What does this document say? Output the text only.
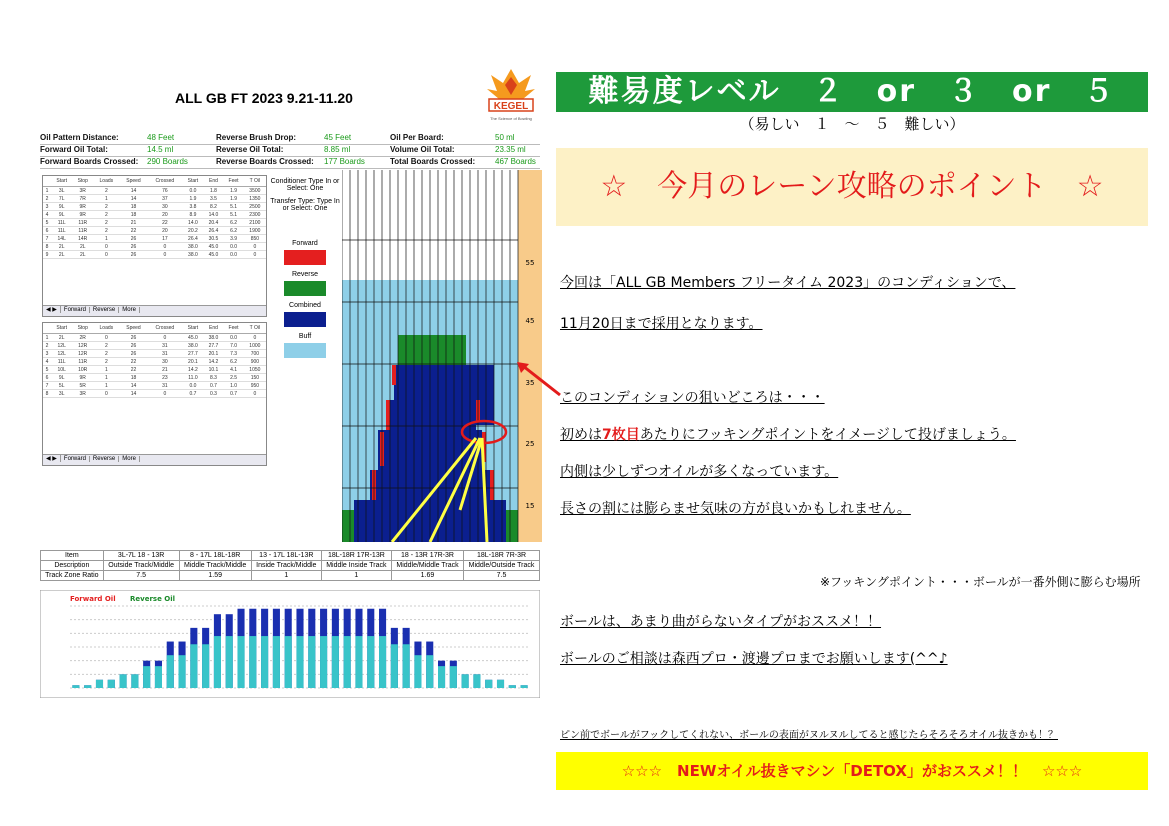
ALL GB FT 2023 9.21-11.20
KEGEL
The Science of Bowling
Oil Pattern Distance:	48 Feet	Reverse Brush Drop:	45 Feet	Oil Per Board:	50 ml
Forward Oil Total:	14.5 ml	Reverse Oil Total:	8.85 ml	Volume Oil Total:	23.35 ml
Forward Boards Crossed: 290 Boards	Reverse Boards Crossed: 177 Boards	Total Boards Crossed: 467 Boards
	Start	Stop	Loads	Speed	Crossed	Start	End	Feet	T Oil
1	3L	3R	2	14	76	0.0	1.8	1.9	3500
2	7L	7R	1	14	37	1.9	3.5	1.9	1350
3	9L	9R	2	18	30	3.8	8.2	5.1	2500
4	9L	9R	2	18	20	8.9	14.0	5.1	2300
5	11L	11R	2	21	22	14.0	20.4	6.2	2100
6	11L	11R	2	22	20	20.2	26.4	6.2	1900
7	14L	14R	1	26	17	26.4	30.5	3.9	850
8	2L	2L	0	26	0	38.0	45.0	0.0	0
9	2L	2L	0	26	0	38.0	45.0	0.0	0
◀ ▶ Forward Reverse More
	Start	Stop	Loads	Speed	Crossed	Start	End	Feet	T Oil
1	2L	2R	0	26	0	45.0	38.0	0.0	0
2	12L	12R	2	26	31	38.0	27.7	7.0	1000
3	12L	12R	2	26	31	27.7	20.1	7.3	700
4	11L	11R	2	22	30	20.1	14.2	6.2	900
5	10L	10R	1	22	21	14.2	10.1	4.1	1050
6	9L	9R	1	18	23	11.0	8.3	2.5	150
7	5L	5R	1	14	31	0.0	0.7	1.0	950
8	3L	3R	0	14	0	0.7	0.3	0.7	0
◀ ▶ Forward Reverse More
Conditioner Type In or Select: One
Transfer Type: Type In or Select: One
Forward
Reverse
Combined
Buff
55
45
35
25
15
Item	3L-7L 18 - 13R	8 - 17L 18L-18R	13 - 17L 18L-13R	18L-18R 17R-13R	18 - 13R 17R-3R	18L-18R 7R-3R
Description	Outside Track/Middle	Middle Track/Middle	Inside Track/Middle	Middle Inside Track	Middle/Middle Track	Middle/Outside Track
Track Zone Ratio	7.5	1.59	1	1	1.69	7.5
Forward Oil Reverse Oil
難易度レベル　２　or　３　or　５
（易しい　１　～　５　難しい）
☆　今月のレーン攻略のポイント　☆
今回は「ALL GB Members フリータイム 2023」のコンディションで、
11月20日まで採用となります。
このコンディションの狙いどころは・・・
初めは7枚目あたりにフッキングポイントをイメージして投げましょう。
内側は少しずつオイルが多くなっています。
長さの割には膨らませ気味の方が良いかもしれません。
※フッキングポイント・・・ボールが一番外側に膨らむ場所
ボールは、あまり曲がらないタイプがおススメ！！
ボールのご相談は森西プロ・渡邊プロまでお願いします(^^♪
ピン前でボールがフックしてくれない、ボールの表面がヌルヌルしてると感じたらそろそろオイル抜きかも！？
☆☆☆　NEWオイル抜きマシン「DETOX」がおススメ！！　☆☆☆
